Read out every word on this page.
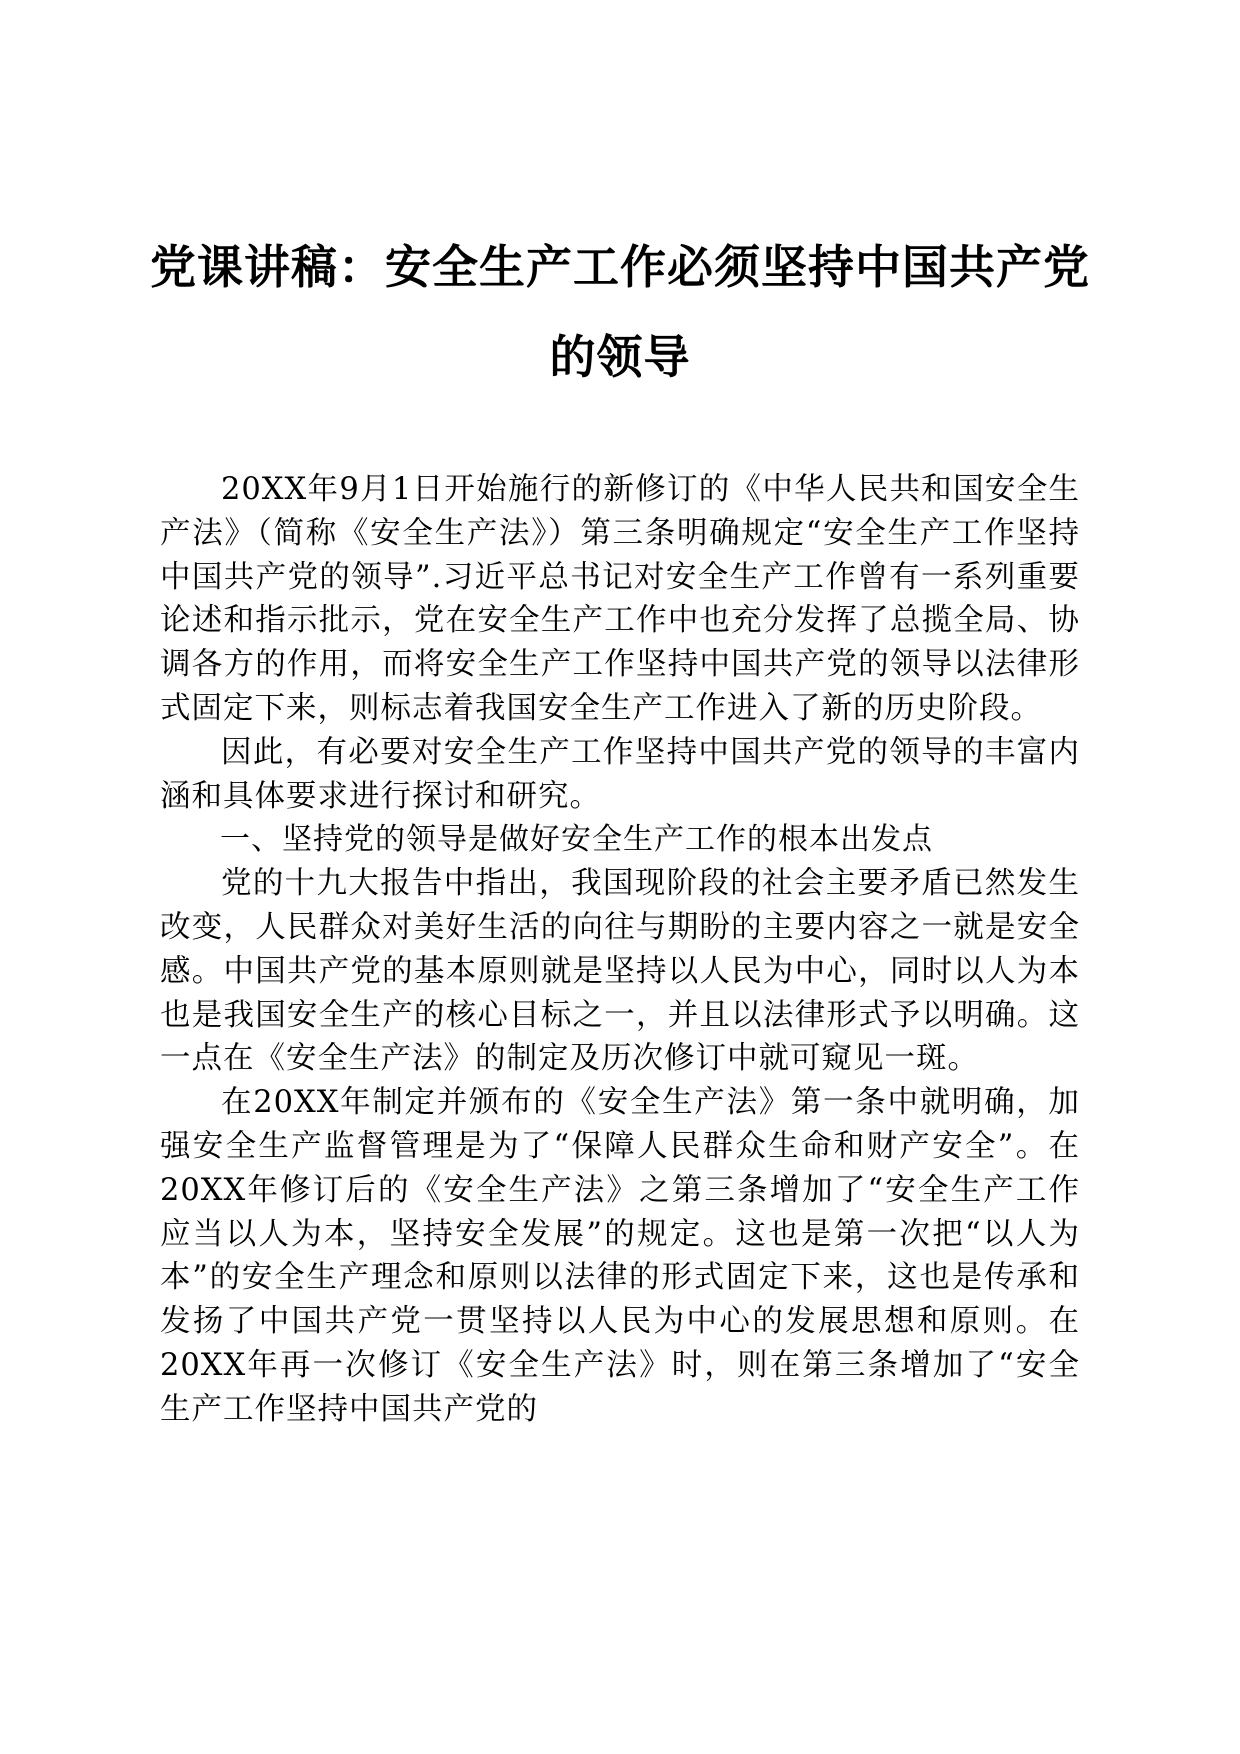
党课讲稿：安全生产工作必须坚持中国共产党的领导

20XX年9月1日开始施行的新修订的《中华人民共和国安全生产法》（简称《安全生产法》）第三条明确规定“安全生产工作坚持中国共产党的领导”.习近平总书记对安全生产工作曾有一系列重要论述和指示批示，党在安全生产工作中也充分发挥了总揽全局、协调各方的作用，而将安全生产工作坚持中国共产党的领导以法律形式固定下来，则标志着我国安全生产工作进入了新的历史阶段。

因此，有必要对安全生产工作坚持中国共产党的领导的丰富内涵和具体要求进行探讨和研究。

一、坚持党的领导是做好安全生产工作的根本出发点

党的十九大报告中指出，我国现阶段的社会主要矛盾已然发生改变，人民群众对美好生活的向往与期盼的主要内容之一就是安全感。中国共产党的基本原则就是坚持以人民为中心，同时以人为本也是我国安全生产的核心目标之一，并且以法律形式予以明确。这一点在《安全生产法》的制定及历次修订中就可窥见一斑。

在20XX年制定并颁布的《安全生产法》第一条中就明确，加强安全生产监督管理是为了“保障人民群众生命和财产安全”。在20XX年修订后的《安全生产法》之第三条增加了“安全生产工作应当以人为本，坚持安全发展”的规定。这也是第一次把“以人为本”的安全生产理念和原则以法律的形式固定下来，这也是传承和发扬了中国共产党一贯坚持以人民为中心的发展思想和原则。在20XX年再一次修订《安全生产法》时，则在第三条增加了“安全生产工作坚持中国共产党的
